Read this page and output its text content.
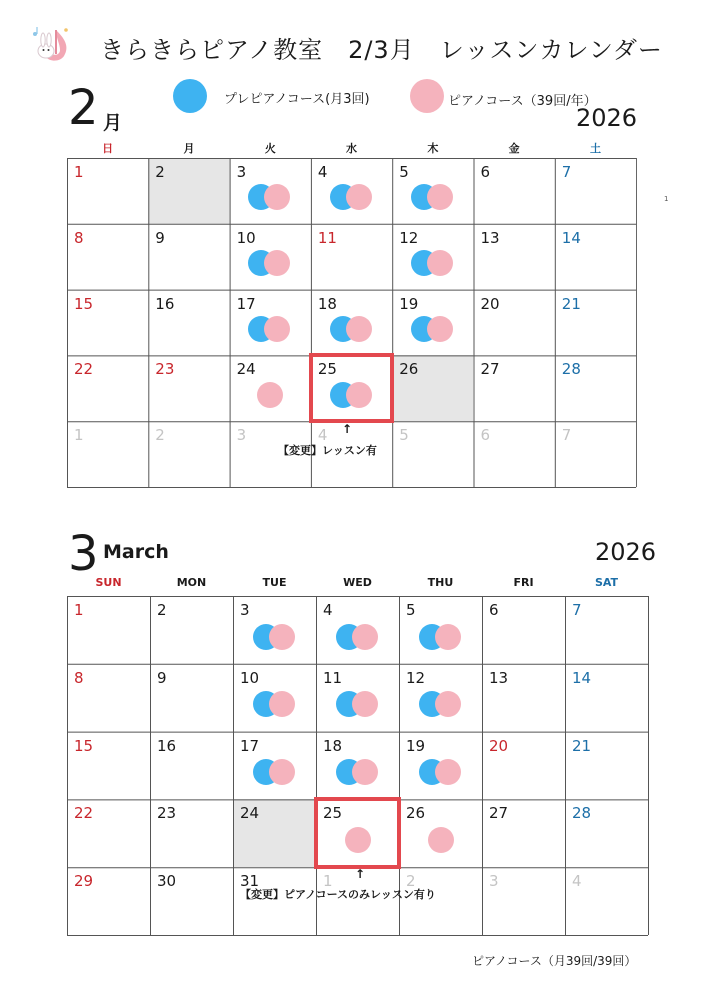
きらきらピアノ教室　2/3月　レッスンカレンダー
プレピアノコース(月3回)	ピアノコース（39回/年）
2 月	2026
1
日	月	火	水	木	金	土
1	2	3	4	5	6	7
8	9	10	11	12	13	14
15	16	17	18	19	20	21
22	23	24	25	26	27	28
1	2	3	4	5	6	7
↑
【変更】レッスン有
3 March	2026
SUN	MON	TUE	WED	THU	FRI	SAT
1	2	3	4	5	6	7
8	9	10	11	12	13	14
15	16	17	18	19	20	21
22	23	24	25	26	27	28
29	30	31	1	2	3	4
↑
【変更】ピアノコースのみレッスン有り
ピアノコース（月39回/39回）
